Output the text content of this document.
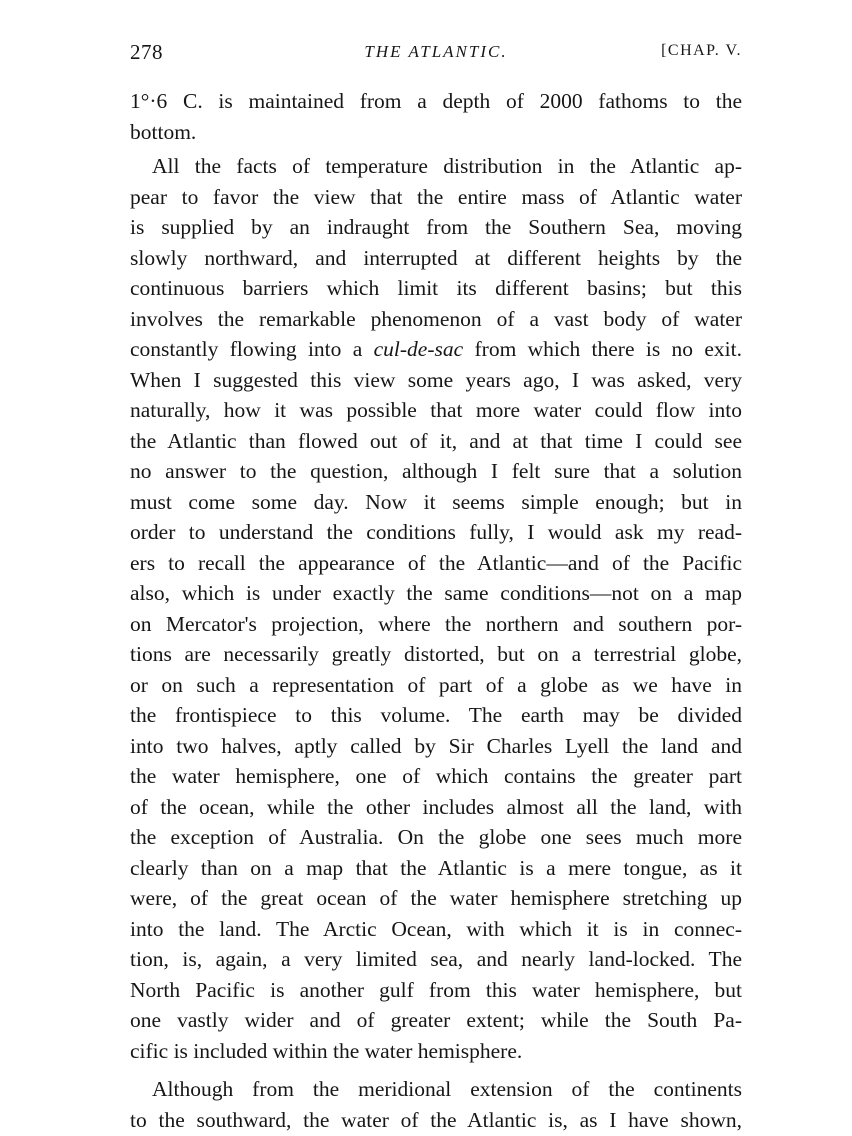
278	THE ATLANTIC.	[CHAP. V.
1°·6 C. is maintained from a depth of 2000 fathoms to the
bottom.
All the facts of temperature distribution in the Atlantic ap-
pear to favor the view that the entire mass of Atlantic water
is supplied by an indraught from the Southern Sea, moving
slowly northward, and interrupted at different heights by the
continuous barriers which limit its different basins; but this
involves the remarkable phenomenon of a vast body of water
constantly flowing into a cul-de-sac from which there is no exit.
When I suggested this view some years ago, I was asked, very
naturally, how it was possible that more water could flow into
the Atlantic than flowed out of it, and at that time I could see
no answer to the question, although I felt sure that a solution
must come some day. Now it seems simple enough; but in
order to understand the conditions fully, I would ask my read-
ers to recall the appearance of the Atlantic—and of the Pacific
also, which is under exactly the same conditions—not on a map
on Mercator's projection, where the northern and southern por-
tions are necessarily greatly distorted, but on a terrestrial globe,
or on such a representation of part of a globe as we have in
the frontispiece to this volume. The earth may be divided
into two halves, aptly called by Sir Charles Lyell the land and
the water hemisphere, one of which contains the greater part
of the ocean, while the other includes almost all the land, with
the exception of Australia. On the globe one sees much more
clearly than on a map that the Atlantic is a mere tongue, as it
were, of the great ocean of the water hemisphere stretching up
into the land. The Arctic Ocean, with which it is in connec-
tion, is, again, a very limited sea, and nearly land-locked. The
North Pacific is another gulf from this water hemisphere, but
one vastly wider and of greater extent; while the South Pa-
cific is included within the water hemisphere.
Although from the meridional extension of the continents
to the southward, the water of the Atlantic is, as I have shown,
